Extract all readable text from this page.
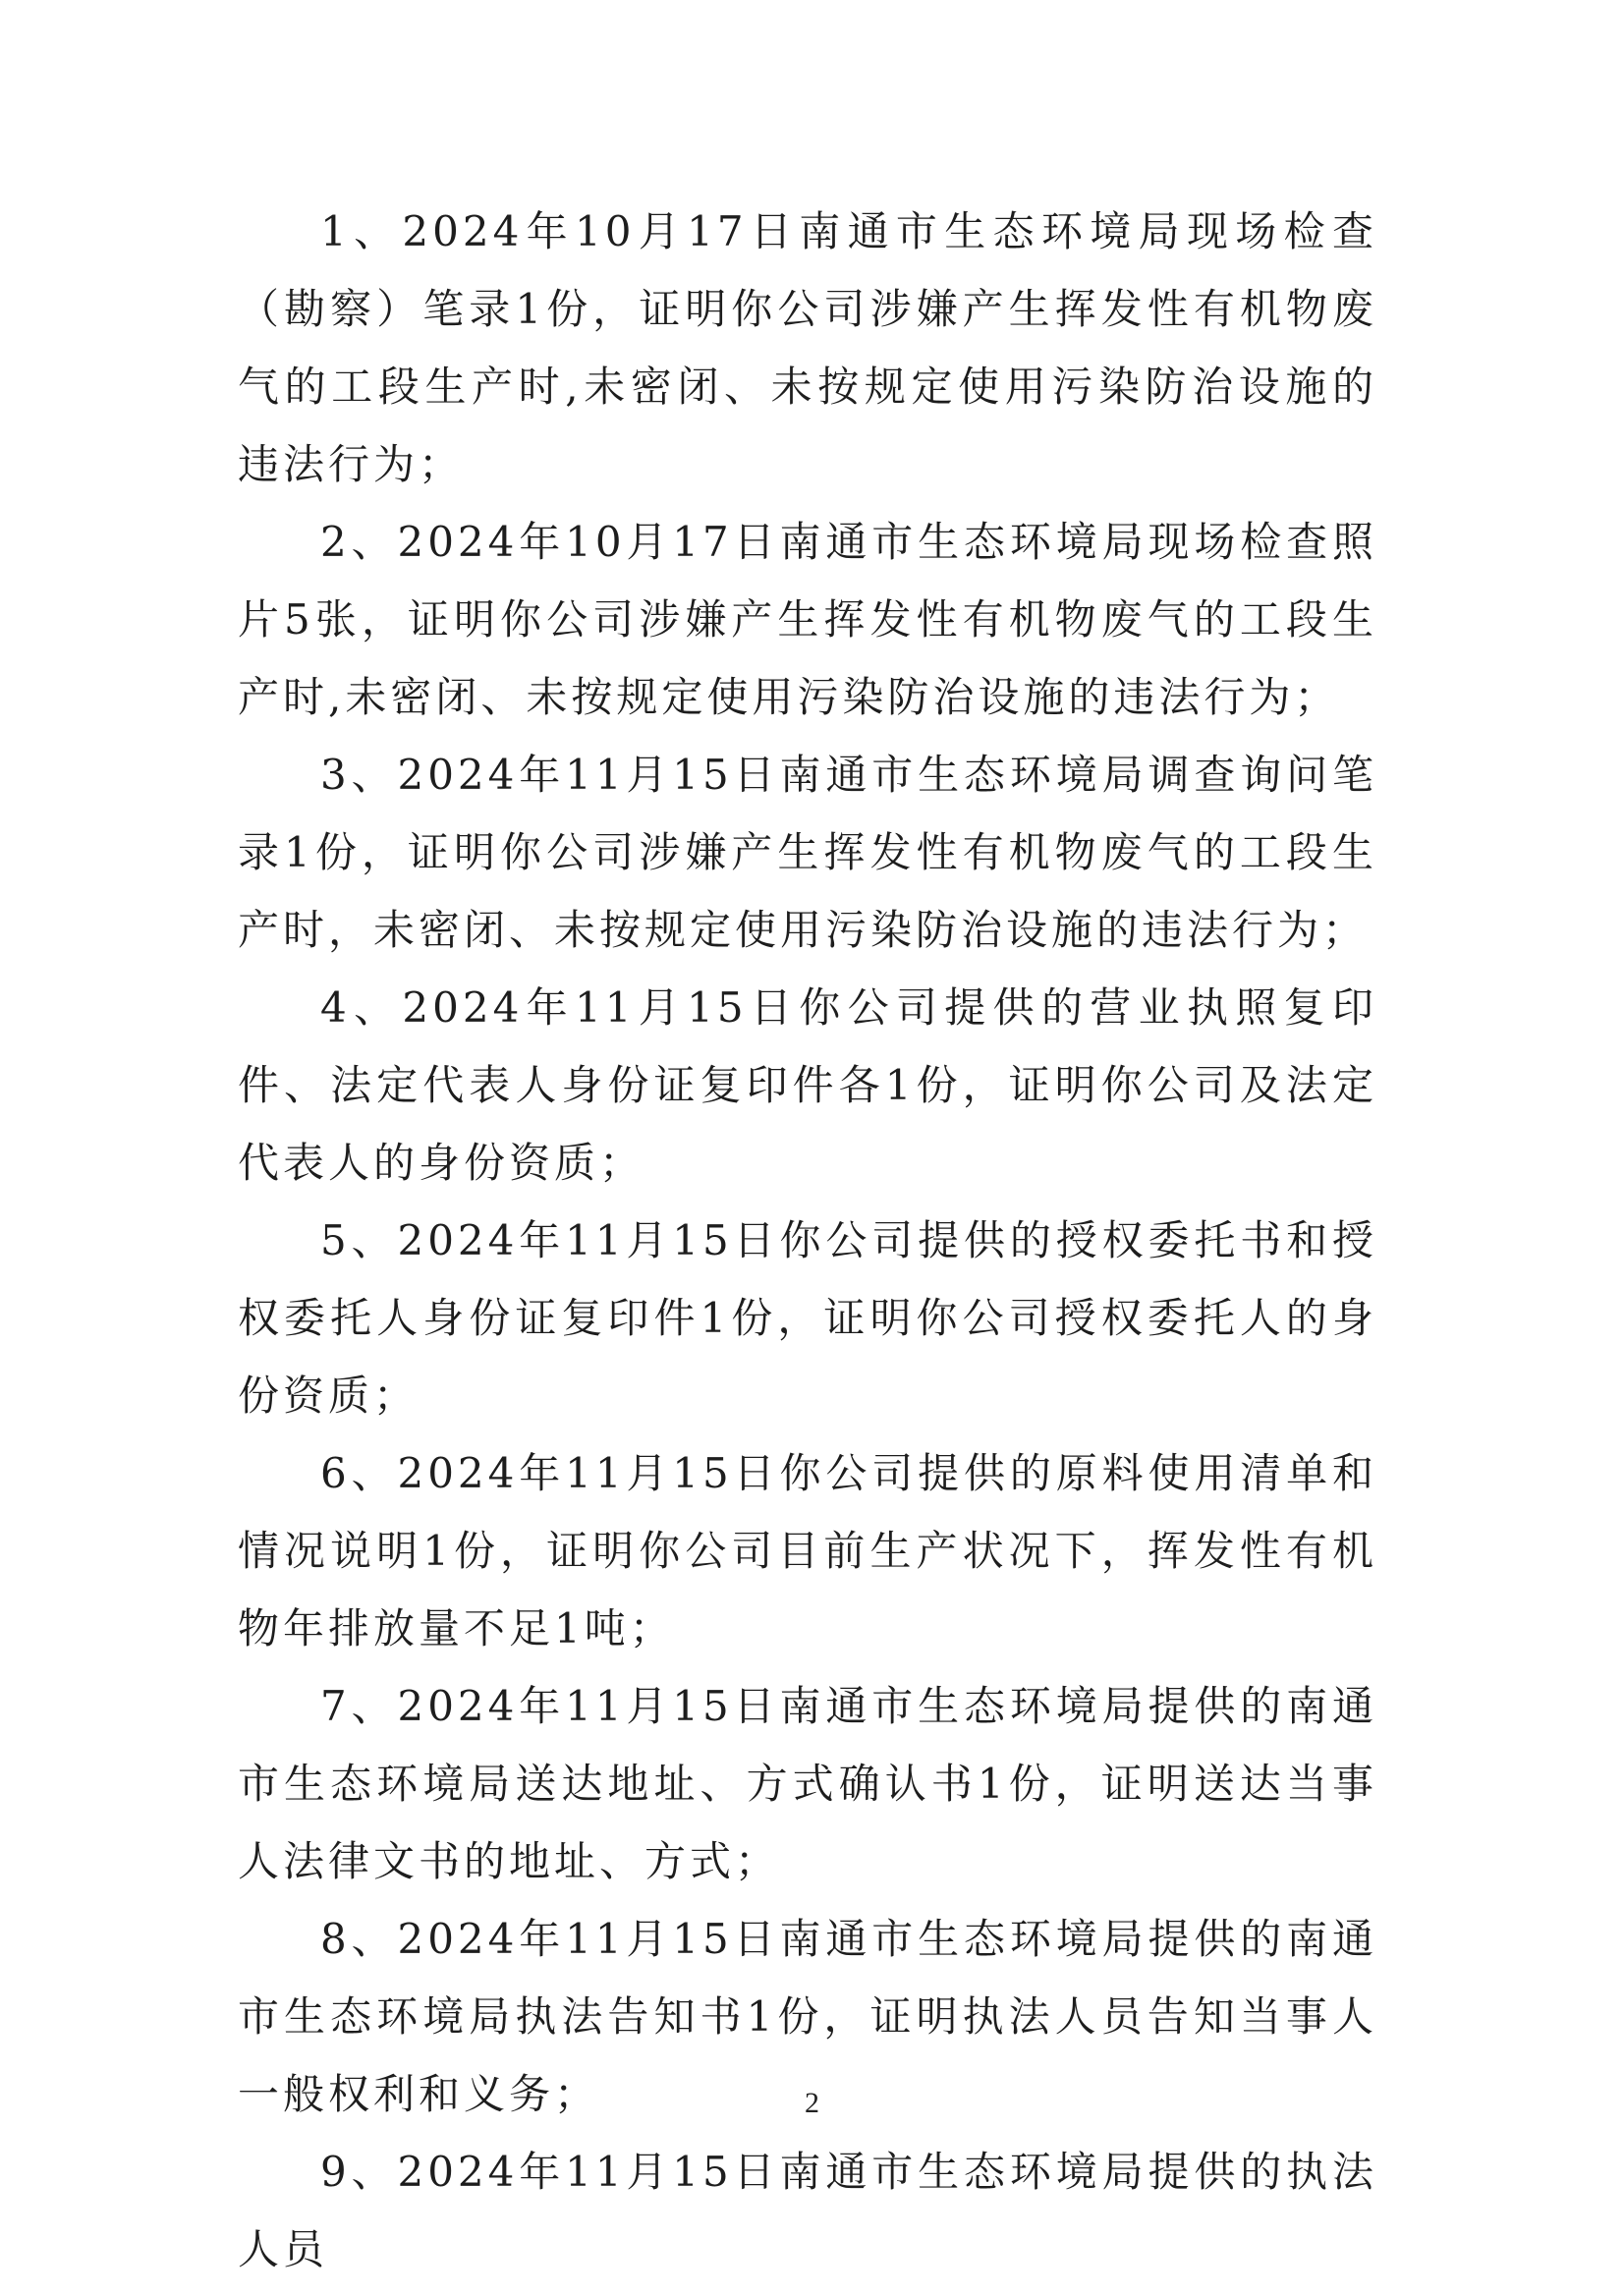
1、2024年10月17日南通市生态环境局现场检查（勘察）笔录1份，证明你公司涉嫌产生挥发性有机物废气的工段生产时,未密闭、未按规定使用污染防治设施的违法行为；

2、2024年10月17日南通市生态环境局现场检查照片5张，证明你公司涉嫌产生挥发性有机物废气的工段生产时,未密闭、未按规定使用污染防治设施的违法行为；

3、2024年11月15日南通市生态环境局调查询问笔录1份，证明你公司涉嫌产生挥发性有机物废气的工段生产时，未密闭、未按规定使用污染防治设施的违法行为；

4、2024年11月15日你公司提供的营业执照复印件、法定代表人身份证复印件各1份，证明你公司及法定代表人的身份资质；

5、2024年11月15日你公司提供的授权委托书和授权委托人身份证复印件1份，证明你公司授权委托人的身份资质；

6、2024年11月15日你公司提供的原料使用清单和情况说明1份，证明你公司目前生产状况下，挥发性有机物年排放量不足1吨；

7、2024年11月15日南通市生态环境局提供的南通市生态环境局送达地址、方式确认书1份，证明送达当事人法律文书的地址、方式；

8、2024年11月15日南通市生态环境局提供的南通市生态环境局执法告知书1份，证明执法人员告知当事人一般权利和义务；

9、2024年11月15日南通市生态环境局提供的执法人员

2
